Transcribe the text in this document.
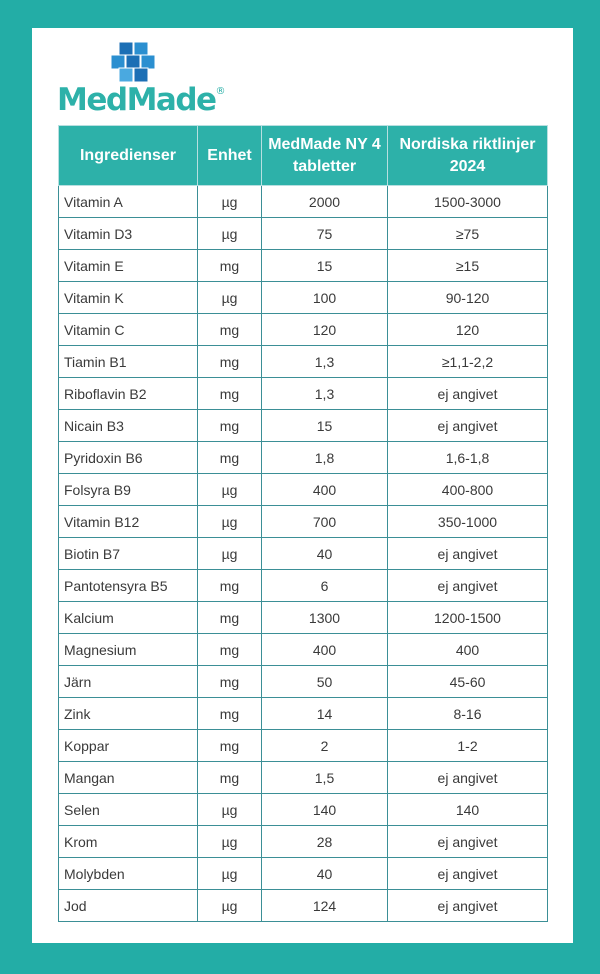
MedMade®
Ingredienser	Enhet	MedMade NY 4 tabletter	Nordiska riktlinjer 2024
Vitamin A	µg	2000	1500-3000
Vitamin D3	µg	75	≥75
Vitamin E	mg	15	≥15
Vitamin K	µg	100	90-120
Vitamin C	mg	120	120
Tiamin B1	mg	1,3	≥1,1-2,2
Riboflavin B2	mg	1,3	ej angivet
Nicain B3	mg	15	ej angivet
Pyridoxin B6	mg	1,8	1,6-1,8
Folsyra B9	µg	400	400-800
Vitamin B12	µg	700	350-1000
Biotin B7	µg	40	ej angivet
Pantotensyra B5	mg	6	ej angivet
Kalcium	mg	1300	1200-1500
Magnesium	mg	400	400
Järn	mg	50	45-60
Zink	mg	14	8-16
Koppar	mg	2	1-2
Mangan	mg	1,5	ej angivet
Selen	µg	140	140
Krom	µg	28	ej angivet
Molybden	µg	40	ej angivet
Jod	µg	124	ej angivet
